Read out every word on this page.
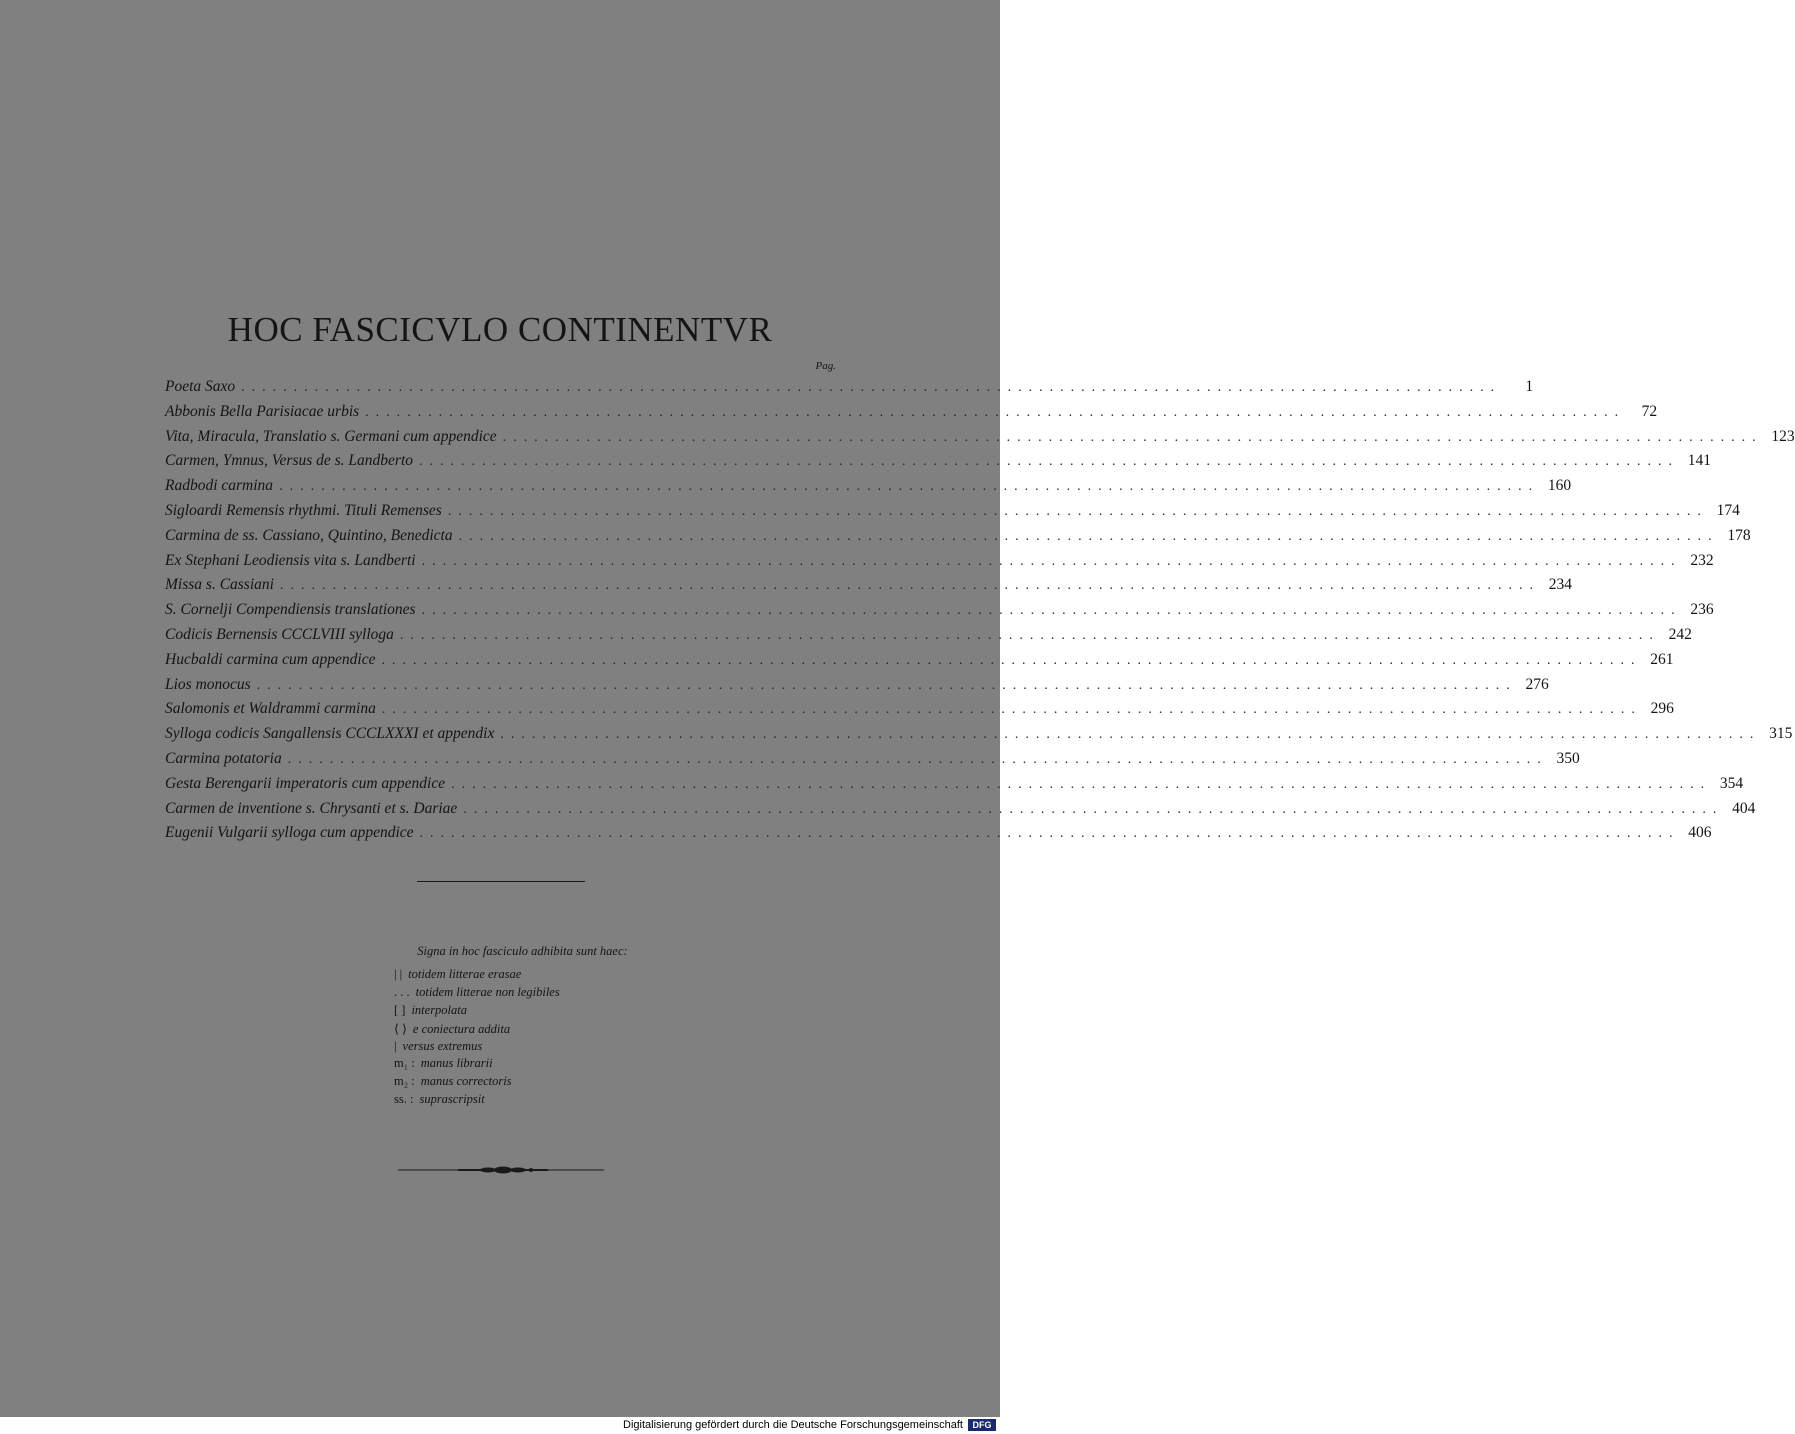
HOC FASCICVLO CONTINENTVR
Pag.
Poeta Saxo ........................................................................................................................	1
Abbonis Bella Parisiacae urbis ........................................................................................................................	72
Vita, Miracula, Translatio s. Germani cum appendice ........................................................................................................................ 123
Carmen, Ymnus, Versus de s. Landberto ........................................................................................................................ 141
Radbodi carmina ........................................................................................................................ 160
Sigloardi Remensis rhythmi. Tituli Remenses ........................................................................................................................ 174
Carmina de ss. Cassiano, Quintino, Benedicta ........................................................................................................................ 178
Ex Stephani Leodiensis vita s. Landberti ........................................................................................................................ 232
Missa s. Cassiani ........................................................................................................................ 234
S. Cornelji Compendiensis translationes ........................................................................................................................ 236
Codicis Bernensis CCCLVIII sylloga ........................................................................................................................ 242
Hucbaldi carmina cum appendice ........................................................................................................................ 261
Lios monocus ........................................................................................................................ 276
Salomonis et Waldrammi carmina ........................................................................................................................ 296
Sylloga codicis Sangallensis CCCLXXXI et appendix ........................................................................................................................ 315
Carmina potatoria ........................................................................................................................ 350
Gesta Berengarii imperatoris cum appendice ........................................................................................................................ 354
Carmen de inventione s. Chrysanti et s. Dariae ........................................................................................................................ 404
Eugenii Vulgarii sylloga cum appendice ........................................................................................................................ 406
Signa in hoc fasciculo adhibita sunt haec:
| | totidem litterae erasae
. . . totidem litterae non legibiles
[ ] interpolata
⟨ ⟩ e coniectura addita
| versus extremus
m₁ : manus librarii
m₂ : manus correctoris
ss. : suprascripsit
Digitalisierung gefördert durch die Deutsche Forschungsgemeinschaft	DFG
